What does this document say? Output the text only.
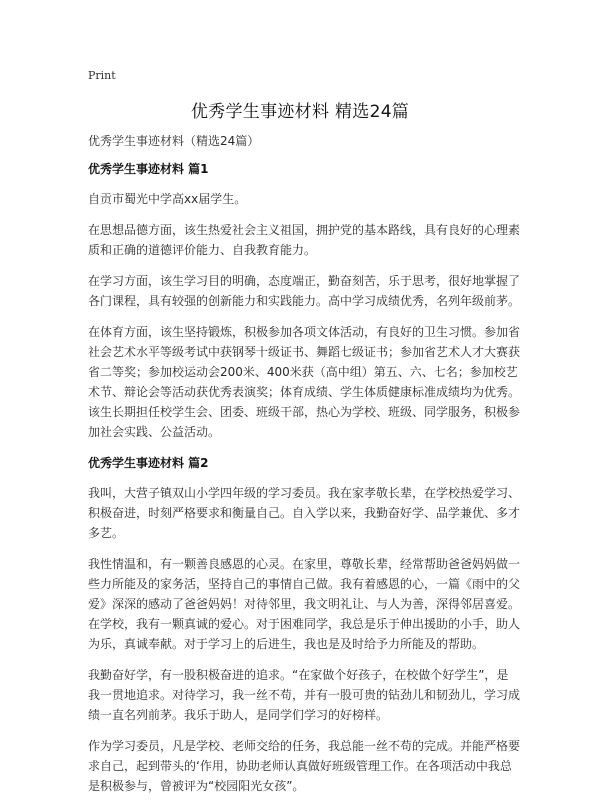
Print
优秀学生事迹材料 精选24篇

优秀学生事迹材料（精选24篇）

优秀学生事迹材料 篇1

自贡市蜀光中学高xx届学生。

在思想品德方面，该生热爱社会主义祖国，拥护党的基本路线，具有良好的心理素质和正确的道德评价能力、自我教育能力。

在学习方面，该生学习目的明确，态度端正，勤奋刻苦，乐于思考，很好地掌握了各门课程，具有较强的创新能力和实践能力。高中学习成绩优秀，名列年级前茅。

在体育方面，该生坚持锻炼，积极参加各项文体活动，有良好的卫生习惯。参加省社会艺术水平等级考试中获钢琴十级证书、舞蹈七级证书；参加省艺术人才大赛获省二等奖；参加校运动会200米、400米获（高中组）第五、六、七名；参加校艺术节、辩论会等活动获优秀表演奖；体育成绩、学生体质健康标准成绩均为优秀。该生长期担任校学生会、团委、班级干部，热心为学校、班级、同学服务，积极参加社会实践、公益活动。

优秀学生事迹材料 篇2

我叫，大营子镇双山小学四年级的学习委员。我在家孝敬长辈，在学校热爱学习、积极奋进，时刻严格要求和衡量自己。自入学以来，我勤奋好学、品学兼优、多才多艺。

我性情温和，有一颗善良感恩的心灵。在家里，尊敬长辈，经常帮助爸爸妈妈做一些力所能及的家务活，坚持自己的事情自己做。我有着感恩的心，一篇《雨中的父爱》深深的感动了爸爸妈妈！对待邻里，我文明礼让、与人为善，深得邻居喜爱。在学校，我有一颗真诚的爱心。对于困难同学，我总是乐于伸出援助的小手，助人为乐，真诚奉献。对于学习上的后进生，我也是及时给予力所能及的帮助。

我勤奋好学，有一股积极奋进的追求。“在家做个好孩子，在校做个好学生”，是我一贯地追求。对待学习，我一丝不苟，并有一股可贵的钻劲儿和韧劲儿，学习成绩一直名列前茅。我乐于助人，是同学们学习的好榜样。

作为学习委员，凡是学校、老师交给的任务，我总能一丝不苟的完成。并能严格要求自己，起到带头的‘作用，协助老师认真做好班级管理工作。在各项活动中我总是积极参与，曾被评为“校园阳光女孩”。
